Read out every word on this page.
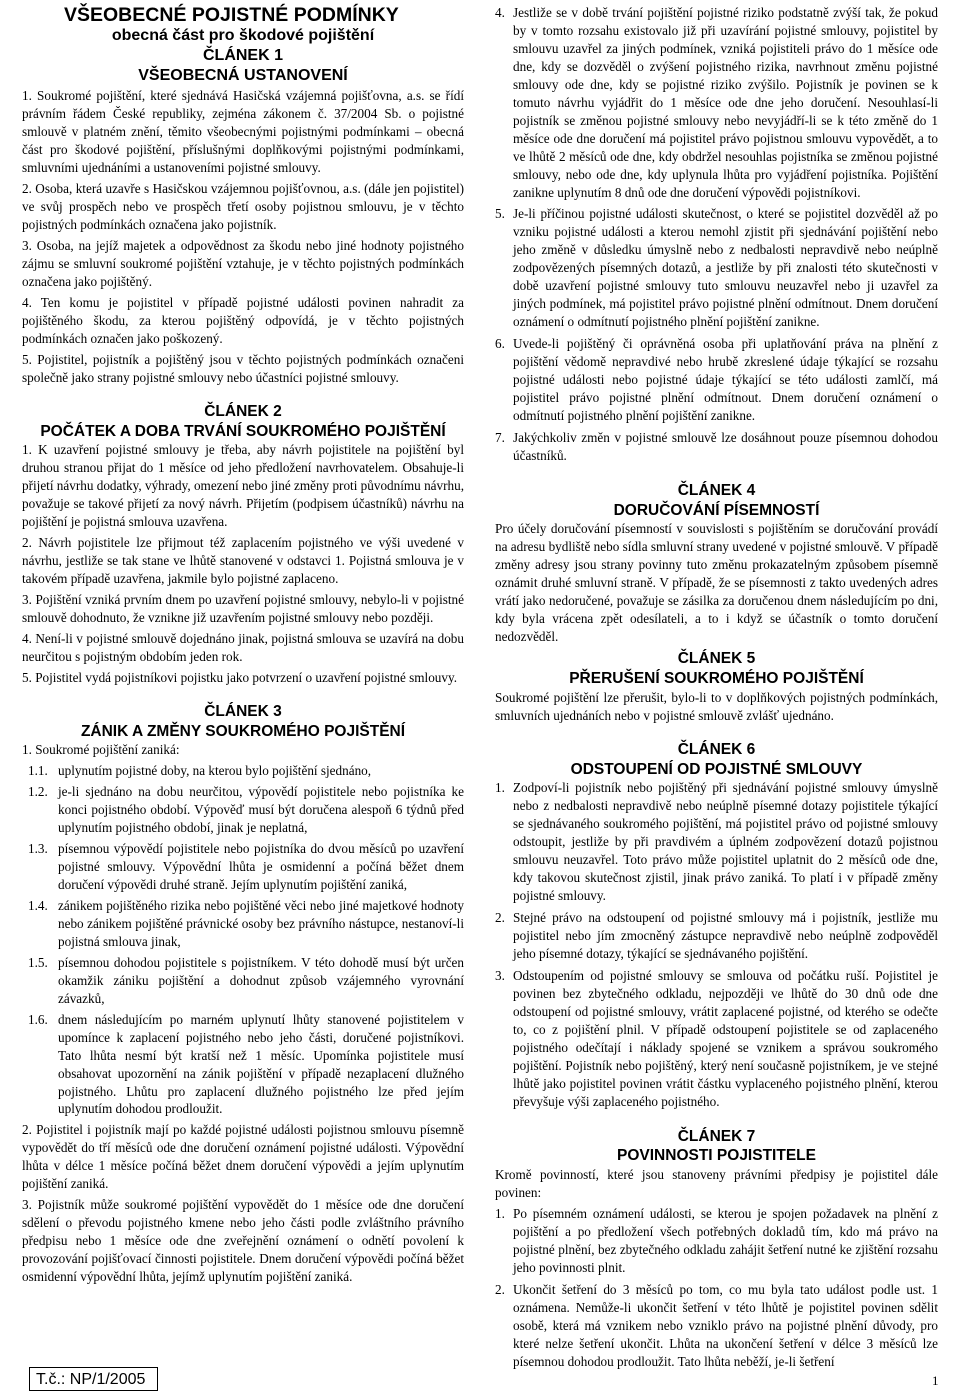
VŠEOBECNÉ POJISTNÉ PODMÍNKY
obecná část pro škodové pojištění
ČLÁNEK 1
VŠEOBECNÁ USTANOVENÍ

1. Soukromé pojištění, které sjednává Hasičská vzájemná pojišťovna, a.s. se řídí právním řádem České republiky, zejména zákonem č. 37/2004 Sb. o pojistné smlouvě v platném znění, těmito všeobecnými pojistnými podmínkami – obecná část pro škodové pojištění, příslušnými doplňkovými pojistnými podmínkami, smluvními ujednáními a ustanoveními pojistné smlouvy.

2. Osoba, která uzavře s Hasičskou vzájemnou pojišťovnou, a.s. (dále jen pojistitel) ve svůj prospěch nebo ve prospěch třetí osoby pojistnou smlouvu, je v těchto pojistných podmínkách označena jako pojistník.

3. Osoba, na jejíž majetek a odpovědnost za škodu nebo jiné hodnoty pojistného zájmu se smluvní soukromé pojištění vztahuje, je v těchto pojistných podmínkách označena jako pojištěný.

4. Ten komu je pojistitel v případě pojistné události povinen nahradit za pojištěného škodu, za kterou pojištěný odpovídá, je v těchto pojistných podmínkách označen jako poškozený.

5. Pojistitel, pojistník a pojištěný jsou v těchto pojistných podmínkách označeni společně jako strany pojistné smlouvy nebo účastníci pojistné smlouvy.

ČLÁNEK 2
POČÁTEK A DOBA TRVÁNÍ SOUKROMÉHO POJIŠTĚNÍ

1. K uzavření pojistné smlouvy je třeba, aby návrh pojistitele na pojištění byl druhou stranou přijat do 1 měsíce od jeho předložení navrhovatelem. Obsahuje-li přijetí návrhu dodatky, výhrady, omezení nebo jiné změny proti původnímu návrhu, považuje se takové přijetí za nový návrh. Přijetím (podpisem účastníků) návrhu na pojištění je pojistná smlouva uzavřena.

2. Návrh pojistitele lze přijmout též zaplacením pojistného ve výši uvedené v návrhu, jestliže se tak stane ve lhůtě stanovené v odstavci 1. Pojistná smlouva je v takovém případě uzavřena, jakmile bylo pojistné zaplaceno.

3. Pojištění vzniká prvním dnem po uzavření pojistné smlouvy, nebylo-li v pojistné smlouvě dohodnuto, že vznikne již uzavřením pojistné smlouvy nebo později.

4. Není-li v pojistné smlouvě dojednáno jinak, pojistná smlouva se uzavírá na dobu neurčitou s pojistným obdobím jeden rok.

5. Pojistitel vydá pojistníkovi pojistku jako potvrzení o uzavření pojistné smlouvy.

ČLÁNEK 3
ZÁNIK A ZMĚNY SOUKROMÉHO POJIŠTĚNÍ

1. Soukromé pojištění zaniká:

1.1. uplynutím pojistné doby, na kterou bylo pojištění sjednáno,
1.2. je-li sjednáno na dobu neurčitou, výpovědí pojistitele nebo pojistníka ke konci pojistného období. Výpověď musí být doručena alespoň 6 týdnů před uplynutím pojistného období, jinak je neplatná,
1.3. písemnou výpovědí pojistitele nebo pojistníka do dvou měsíců po uzavření pojistné smlouvy. Výpovědní lhůta je osmidenní a počíná běžet dnem doručení výpovědi druhé straně. Jejím uplynutím pojištění zaniká,
1.4. zánikem pojištěného rizika nebo pojištěné věci nebo jiné majetkové hodnoty nebo zánikem pojištěné právnické osoby bez právního nástupce, nestanoví-li pojistná smlouva jinak,
1.5. písemnou dohodou pojistitele s pojistníkem. V této dohodě musí být určen okamžik zániku pojištění a dohodnut způsob vzájemného vyrovnání závazků,
1.6. dnem následujícím po marném uplynutí lhůty stanovené pojistitelem v upomínce k zaplacení pojistného nebo jeho části, doručené pojistníkovi. Tato lhůta nesmí být kratší než 1 měsíc. Upomínka pojistitele musí obsahovat upozornění na zánik pojištění v případě nezaplacení dlužného pojistného. Lhůtu pro zaplacení dlužného pojistného lze před jejím uplynutím dohodou prodloužit.

2. Pojistitel i pojistník mají po každé pojistné události pojistnou smlouvu písemně vypovědět do tří měsíců ode dne doručení oznámení pojistné události. Výpovědní lhůta v délce 1 měsíce počíná běžet dnem doručení výpovědi a jejím uplynutím pojištění zaniká.

3. Pojistník může soukromé pojištění vypovědět do 1 měsíce ode dne doručení sdělení o převodu pojistného kmene nebo jeho části podle zvláštního právního předpisu nebo 1 měsíce ode dne zveřejnění oznámení o odnětí povolení k provozování pojišťovací činnosti pojistitele. Dnem doručení výpovědi počíná běžet osmidenní výpovědní lhůta, jejímž uplynutím pojištění zaniká.

4. Jestliže se v době trvání pojištění pojistné riziko podstatně zvýší tak, že pokud by v tomto rozsahu existovalo již při uzavírání pojistné smlouvy, pojistitel by smlouvu uzavřel za jiných podmínek, vzniká pojistiteli právo do 1 měsíce ode dne, kdy se dozvěděl o zvýšení pojistného rizika, navrhnout změnu pojistné smlouvy ode dne, kdy se pojistné riziko zvýšilo. Pojistník je povinen se k tomuto návrhu vyjádřit do 1 měsíce ode dne jeho doručení. Nesouhlasí-li pojistník se změnou pojistné smlouvy nebo nevyjádří-li se k této změně do 1 měsíce ode dne doručení má pojistitel právo pojistnou smlouvu vypovědět, a to ve lhůtě 2 měsíců ode dne, kdy obdržel nesouhlas pojistníka se změnou pojistné smlouvy, nebo ode dne, kdy uplynula lhůta pro vyjádření pojistníka. Pojištění zanikne uplynutím 8 dnů ode dne doručení výpovědi pojistníkovi.
5. Je-li příčinou pojistné události skutečnost, o které se pojistitel dozvěděl až po vzniku pojistné události a kterou nemohl zjistit při sjednávání pojištění nebo jeho změně v důsledku úmyslně nebo z nedbalosti nepravdivě nebo neúplně zodpovězených písemných dotazů, a jestliže by při znalosti této skutečnosti v době uzavření pojistné smlouvy tuto smlouvu neuzavřel nebo ji uzavřel za jiných podmínek, má pojistitel právo pojistné plnění odmítnout. Dnem doručení oznámení o odmítnutí pojistného plnění pojištění zanikne.
6. Uvede-li pojištěný či oprávněná osoba při uplatňování práva na plnění z pojištění vědomě nepravdivé nebo hrubě zkreslené údaje týkající se rozsahu pojistné události nebo pojistné údaje týkající se této události zamlčí, má pojistitel právo pojistné plnění odmítnout. Dnem doručení oznámení o odmítnutí pojistného plnění pojištění zanikne.
7. Jakýchkoliv změn v pojistné smlouvě lze dosáhnout pouze písemnou dohodou účastníků.
ČLÁNEK 4
DORUČOVÁNÍ PÍSEMNOSTÍ

Pro účely doručování písemností v souvislosti s pojištěním se doručování provádí na adresu bydliště nebo sídla smluvní strany uvedené v pojistné smlouvě. V případě změny adresy jsou strany povinny tuto změnu prokazatelným způsobem písemně oznámit druhé smluvní straně. V případě, že se písemnosti z takto uvedených adres vrátí jako nedoručené, považuje se zásilka za doručenou dnem následujícím po dni, kdy byla vrácena zpět odesílateli, a to i když se účastník o tomto doručení nedozvěděl.

ČLÁNEK 5
PŘERUŠENÍ SOUKROMÉHO POJIŠTĚNÍ

Soukromé pojištění lze přerušit, bylo-li to v doplňkových pojistných podmínkách, smluvních ujednáních nebo v pojistné smlouvě zvlášť ujednáno.

ČLÁNEK 6
ODSTOUPENÍ OD POJISTNÉ SMLOUVY
1. Zodpoví-li pojistník nebo pojištěný při sjednávání pojistné smlouvy úmyslně nebo z nedbalosti nepravdivě nebo neúplně písemné dotazy pojistitele týkající se sjednávaného soukromého pojištění, má pojistitel právo od pojistné smlouvy odstoupit, jestliže by při pravdivém a úplném zodpovězení dotazů pojistnou smlouvu neuzavřel. Toto právo může pojistitel uplatnit do 2 měsíců ode dne, kdy takovou skutečnost zjistil, jinak právo zaniká. To platí i v případě změny pojistné smlouvy.
2. Stejné právo na odstoupení od pojistné smlouvy má i pojistník, jestliže mu pojistitel nebo jím zmocněný zástupce nepravdivě nebo neúplně zodpověděl jeho písemné dotazy, týkající se sjednávaného pojištění.
3. Odstoupením od pojistné smlouvy se smlouva od počátku ruší. Pojistitel je povinen bez zbytečného odkladu, nejpozději ve lhůtě do 30 dnů ode dne odstoupení od pojistné smlouvy, vrátit zaplacené pojistné, od kterého se odečte to, co z pojištění plnil. V případě odstoupení pojistitele se od zaplaceného pojistného odečítají i náklady spojené se vznikem a správou soukromého pojištění. Pojistník nebo pojištěný, který není současně pojistníkem, je ve stejné lhůtě jako pojistitel povinen vrátit částku vyplaceného pojistného plnění, kterou převyšuje výši zaplaceného pojistného.
ČLÁNEK 7
POVINNOSTI POJISTITELE

Kromě povinností, které jsou stanoveny právními předpisy je pojistitel dále povinen:

1. Po písemném oznámení události, se kterou je spojen požadavek na plnění z pojištění a po předložení všech potřebných dokladů tím, kdo má právo na pojistné plnění, bez zbytečného odkladu zahájit šetření nutné ke zjištění rozsahu jeho povinnosti plnit.
2. Ukončit šetření do 3 měsíců po tom, co mu byla tato událost podle ust. 1 oznámena. Nemůže-li ukončit šetření v této lhůtě je pojistitel povinen sdělit osobě, která má vznikem nebo vzniklo právo na pojistné plnění důvody, pro které nelze šetření ukončit. Lhůta na ukončení šetření v délce 3 měsíců lze písemnou dohodou prodloužit. Tato lhůta neběží, je-li šetření
T.č.: NP/1/2005	1
